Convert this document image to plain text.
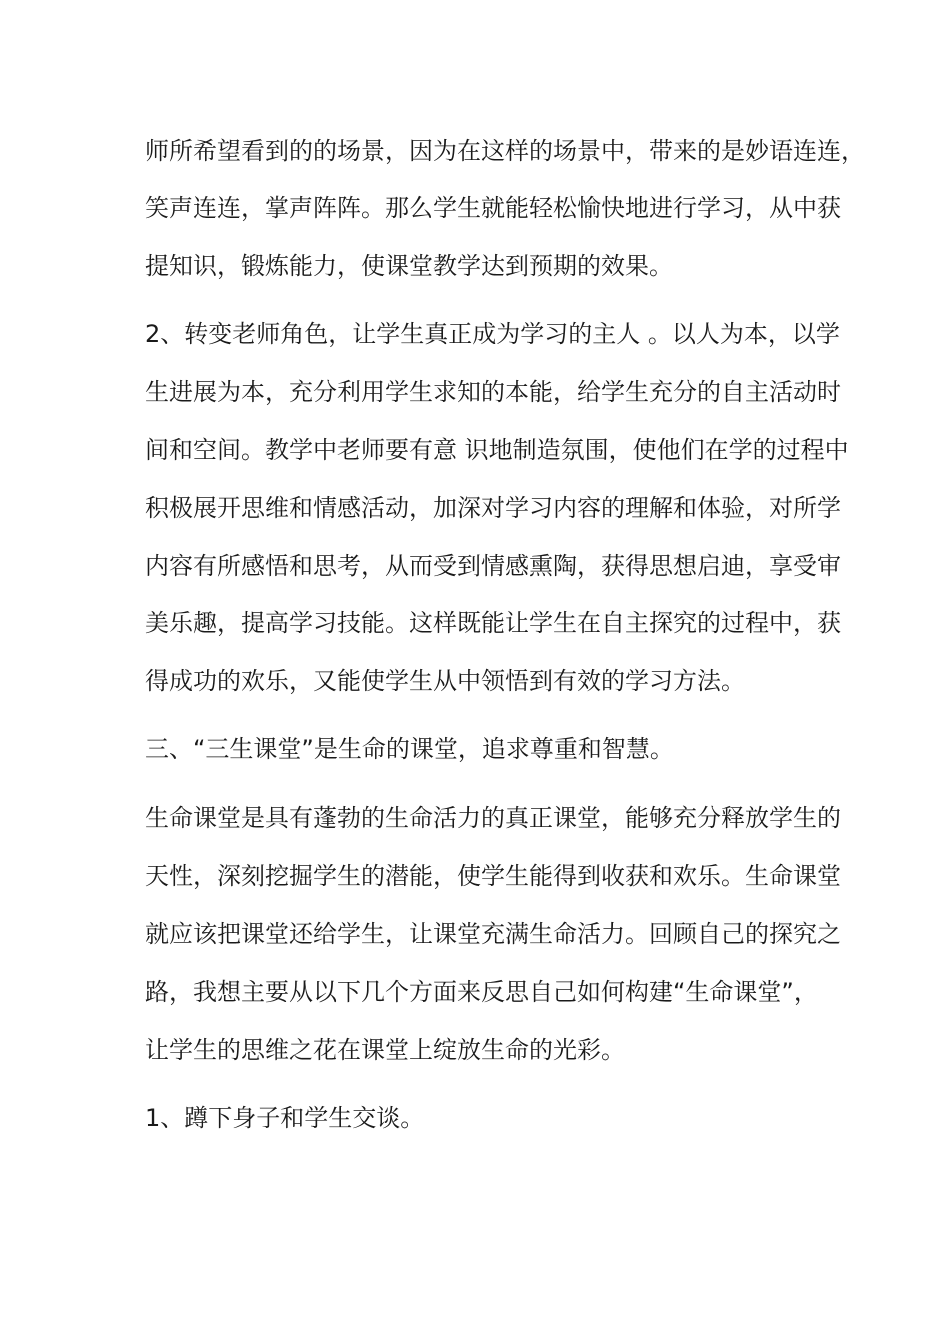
师所希望看到的的场景，因为在这样的场景中，带来的是妙语连连，
笑声连连，掌声阵阵。那么学生就能轻松愉快地进行学习，从中获
提知识，锻炼能力，使课堂教学达到预期的效果。
2、转变老师角色，让学生真正成为学习的主人 。以人为本，以学
生进展为本，充分利用学生求知的本能，给学生充分的自主活动时
间和空间。教学中老师要有意 识地制造氛围，使他们在学的过程中
积极展开思维和情感活动，加深对学习内容的理解和体验，对所学
内容有所感悟和思考，从而受到情感熏陶，获得思想启迪，享受审
美乐趣，提高学习技能。这样既能让学生在自主探究的过程中，获
得成功的欢乐，又能使学生从中领悟到有效的学习方法。
三、“三生课堂”是生命的课堂，追求尊重和智慧。
生命课堂是具有蓬勃的生命活力的真正课堂，能够充分释放学生的
天性，深刻挖掘学生的潜能，使学生能得到收获和欢乐。生命课堂
就应该把课堂还给学生，让课堂充满生命活力。回顾自己的探究之
路，我想主要从以下几个方面来反思自己如何构建“生命课堂”，
让学生的思维之花在课堂上绽放生命的光彩。
1、蹲下身子和学生交谈。
